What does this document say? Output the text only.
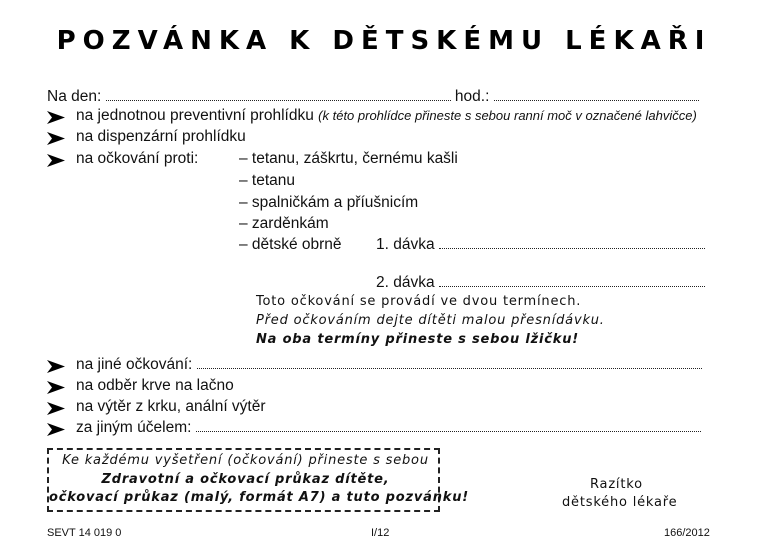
POZVÁNKA K DĚTSKÉMU LÉKAŘI
Na den:	hod.:
na jednotnou preventivní prohlídku (k této prohlídce přineste s sebou ranní moč v označené lahvičce)
na dispenzární prohlídku
na očkování proti:	– tetanu, záškrtu, černému kašli
– tetanu
– spalničkám a příušnicím
– zarděnkám
– dětské obrně 1. dávka
2. dávka
Toto očkování se provádí ve dvou termínech.
Před očkováním dejte dítěti malou přesnídávku.
Na oba termíny přineste s sebou lžičku!
na jiné očkování:
na odběr krve na lačno
na výtěr z krku, anální výtěr
za jiným účelem:
Ke každému vyšetření (očkování) přineste s sebou
Zdravotní a očkovací průkaz dítěte,
očkovací průkaz (malý, formát A7) a tuto pozvánku!
Razítko
dětského lékaře
SEVT 14 019 0	I/12	166/2012
